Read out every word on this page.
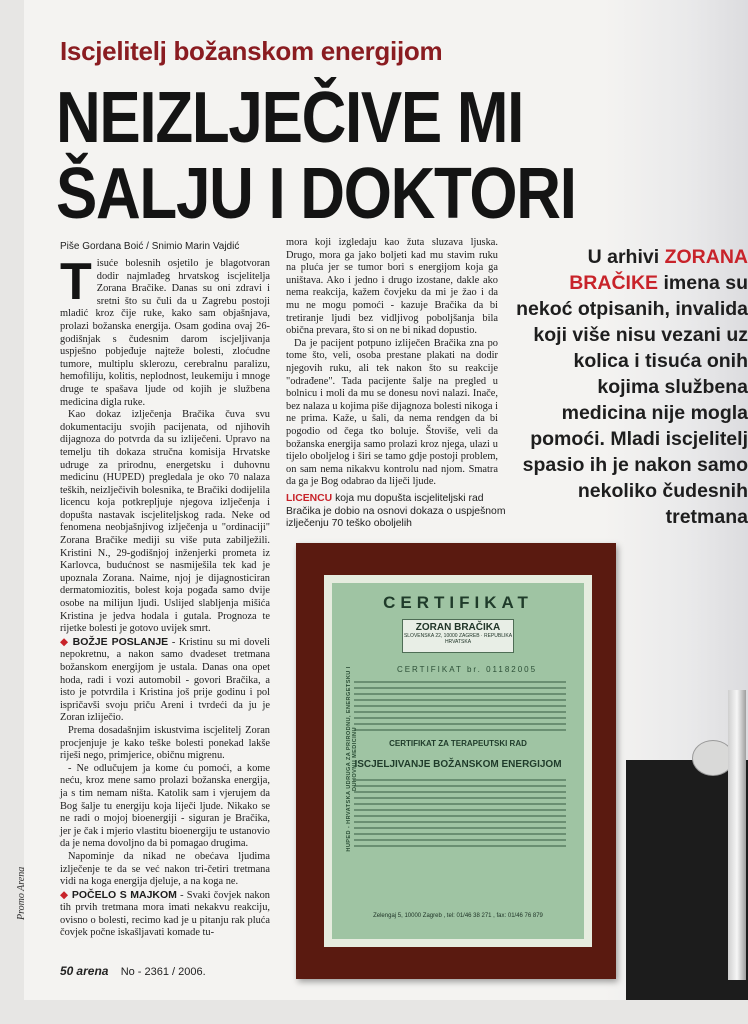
Iscjelitelj božanskom energijom
NEIZLJEČIVE MI
ŠALJU I DOKTORI
Piše Gordana Boić / Snimio Marin Vajdić

Tisuće bolesnih osjetilo je blagotvoran dodir najmlađeg hrvatskog iscjelitelja Zorana Bračike. Danas su oni zdravi i sretni što su čuli da u Zagrebu postoji mladić kroz čije ruke, kako sam objašnjava, prolazi božanska energija. Osam godina ovaj 26-godišnjak s čudesnim darom iscjeljivanja uspješno pobjeđuje najteže bolesti, zloćudne tumore, multiplu sklerozu, cerebralnu paralizu, hemofiliju, kolitis, neplodnost, leukemiju i mnoge druge te spašava ljude od kojih je službena medicina digla ruke.

Kao dokaz izlječenja Bračika čuva svu dokumentaciju svojih pacijenata, od njihovih dijagnoza do potvrda da su izliječeni. Upravo na temelju tih dokaza stručna komisija Hrvatske udruge za prirodnu, energetsku i duhovnu medicinu (HUPED) pregledala je oko 70 nalaza teških, neizlječivih bolesnika, te Bračiki dodijelila licencu koja potkrepljuje njegova izlječenja i dopušta nastavak iscjeliteljskog rada. Neke od fenomena neobjašnjivog izlječenja u "ordinaciji" Zorana Bračike mediji su više puta zabilježili. Kristini N., 29-godišnjoj inženjerki prometa iz Karlovca, budućnost se nasmiješila tek kad je upoznala Zorana. Naime, njoj je dijagnosticiran dermatomiozitis, bolest koja pogađa samo dvije osobe na milijun ljudi. Uslijed slabljenja mišića Kristina je jedva hodala i gutala. Prognoza te rijetke bolesti je gotovo uvijek smrt.

◆ BOŽJE POSLANJE - Kristinu su mi doveli nepokretnu, a nakon samo dvadeset tretmana božanskom energijom je ustala. Danas ona opet hoda, radi i vozi automobil - govori Bračika, a isto je potvrdila i Kristina još prije godinu i pol ispričavši svoju priču Areni i tvrdeći da ju je Zoran izliječio.

Prema dosadašnjim iskustvima iscjelitelj Zoran procjenjuje je kako teške bolesti ponekad lakše riješi nego, primjerice, običnu migrenu.

- Ne odlučujem ja kome ću pomoći, a kome neću, kroz mene samo prolazi božanska energija, ja s tim nemam ništa. Katolik sam i vjerujem da Bog šalje tu energiju koja liječi ljude. Nikako se ne radi o mojoj bioenergiji - siguran je Bračika, jer je čak i mjerio vlastitu bioenergiju te ustanovio da je nema dovoljno da bi pomagao drugima.

Napominje da nikad ne obećava ljudima izlječenje te da se već nakon tri-četiri tretmana vidi na koga energija djeluje, a na koga ne.

◆ POČELO S MAJKOM - Svaki čovjek nakon tih prvih tretmana mora imati nekakvu reakciju, ovisno o bolesti, recimo kad je u pitanju rak pluća čovjek počne iskašljavati komade tu-

mora koji izgledaju kao žuta sluzava ljuska. Drugo, mora ga jako boljeti kad mu stavim ruku na pluća jer se tumor bori s energijom koja ga uništava. Ako i jedno i drugo izostane, dakle ako nema reakcija, kažem čovjeku da mi je žao i da mu ne mogu pomoći - kazuje Bračika da bi tretiranje ljudi bez vidljivog poboljšanja bila obična prevara, što si on ne bi nikad dopustio.

Da je pacijent potpuno izliječen Bračika zna po tome što, veli, osoba prestane plakati na dodir njegovih ruku, ali tek nakon što su reakcije "odrađene". Tada pacijente šalje na pregled u bolnicu i moli da mu se donesu novi nalazi. Inače, bez nalaza u kojima piše dijagnoza bolesti nikoga i ne prima. Kaže, u šali, da nema rendgen da bi pogodio od čega tko boluje. Štoviše, veli da božanska energija samo prolazi kroz njega, ulazi u tijelo oboljelog i širi se tamo gdje postoji problem, on sam nema nikakvu kontrolu nad njom. Smatra da ga je Bog odabrao da liječi ljude.

LICENCU koja mu dopušta iscjeliteljski rad Bračika je dobio na osnovi dokaza o uspješnom izlječenju 70 teško oboljelih
U arhivi ZORANA BRAČIKE imena su nekoć otpisanih, invalida koji više nisu vezani uz kolica i tisuća onih kojima službena medicina nije mogla pomoći. Mladi iscjelitelj spasio ih je nakon samo nekoliko čudesnih tretmana
CERTIFIKAT
ZORAN BRAČIKA
SLOVENSKA 22, 10000 ZAGREB · REPUBLIKA HRVATSKA
CERTIFIKAT br. 01182005
CERTIFIKAT ZA TERAPEUTSKI RAD
ISCJELJIVANJE BOŽANSKOM ENERGIJOM
HUPED - HRVATSKA UDRUGA ZA PRIRODNU, ENERGETSKU I DUHOVNU MEDICINU
Zelengaj 5, 10000 Zagreb , tel: 01/46 38 271 , fax: 01/46 76 879
Promo Arena
50 arena No - 2361 / 2006.
